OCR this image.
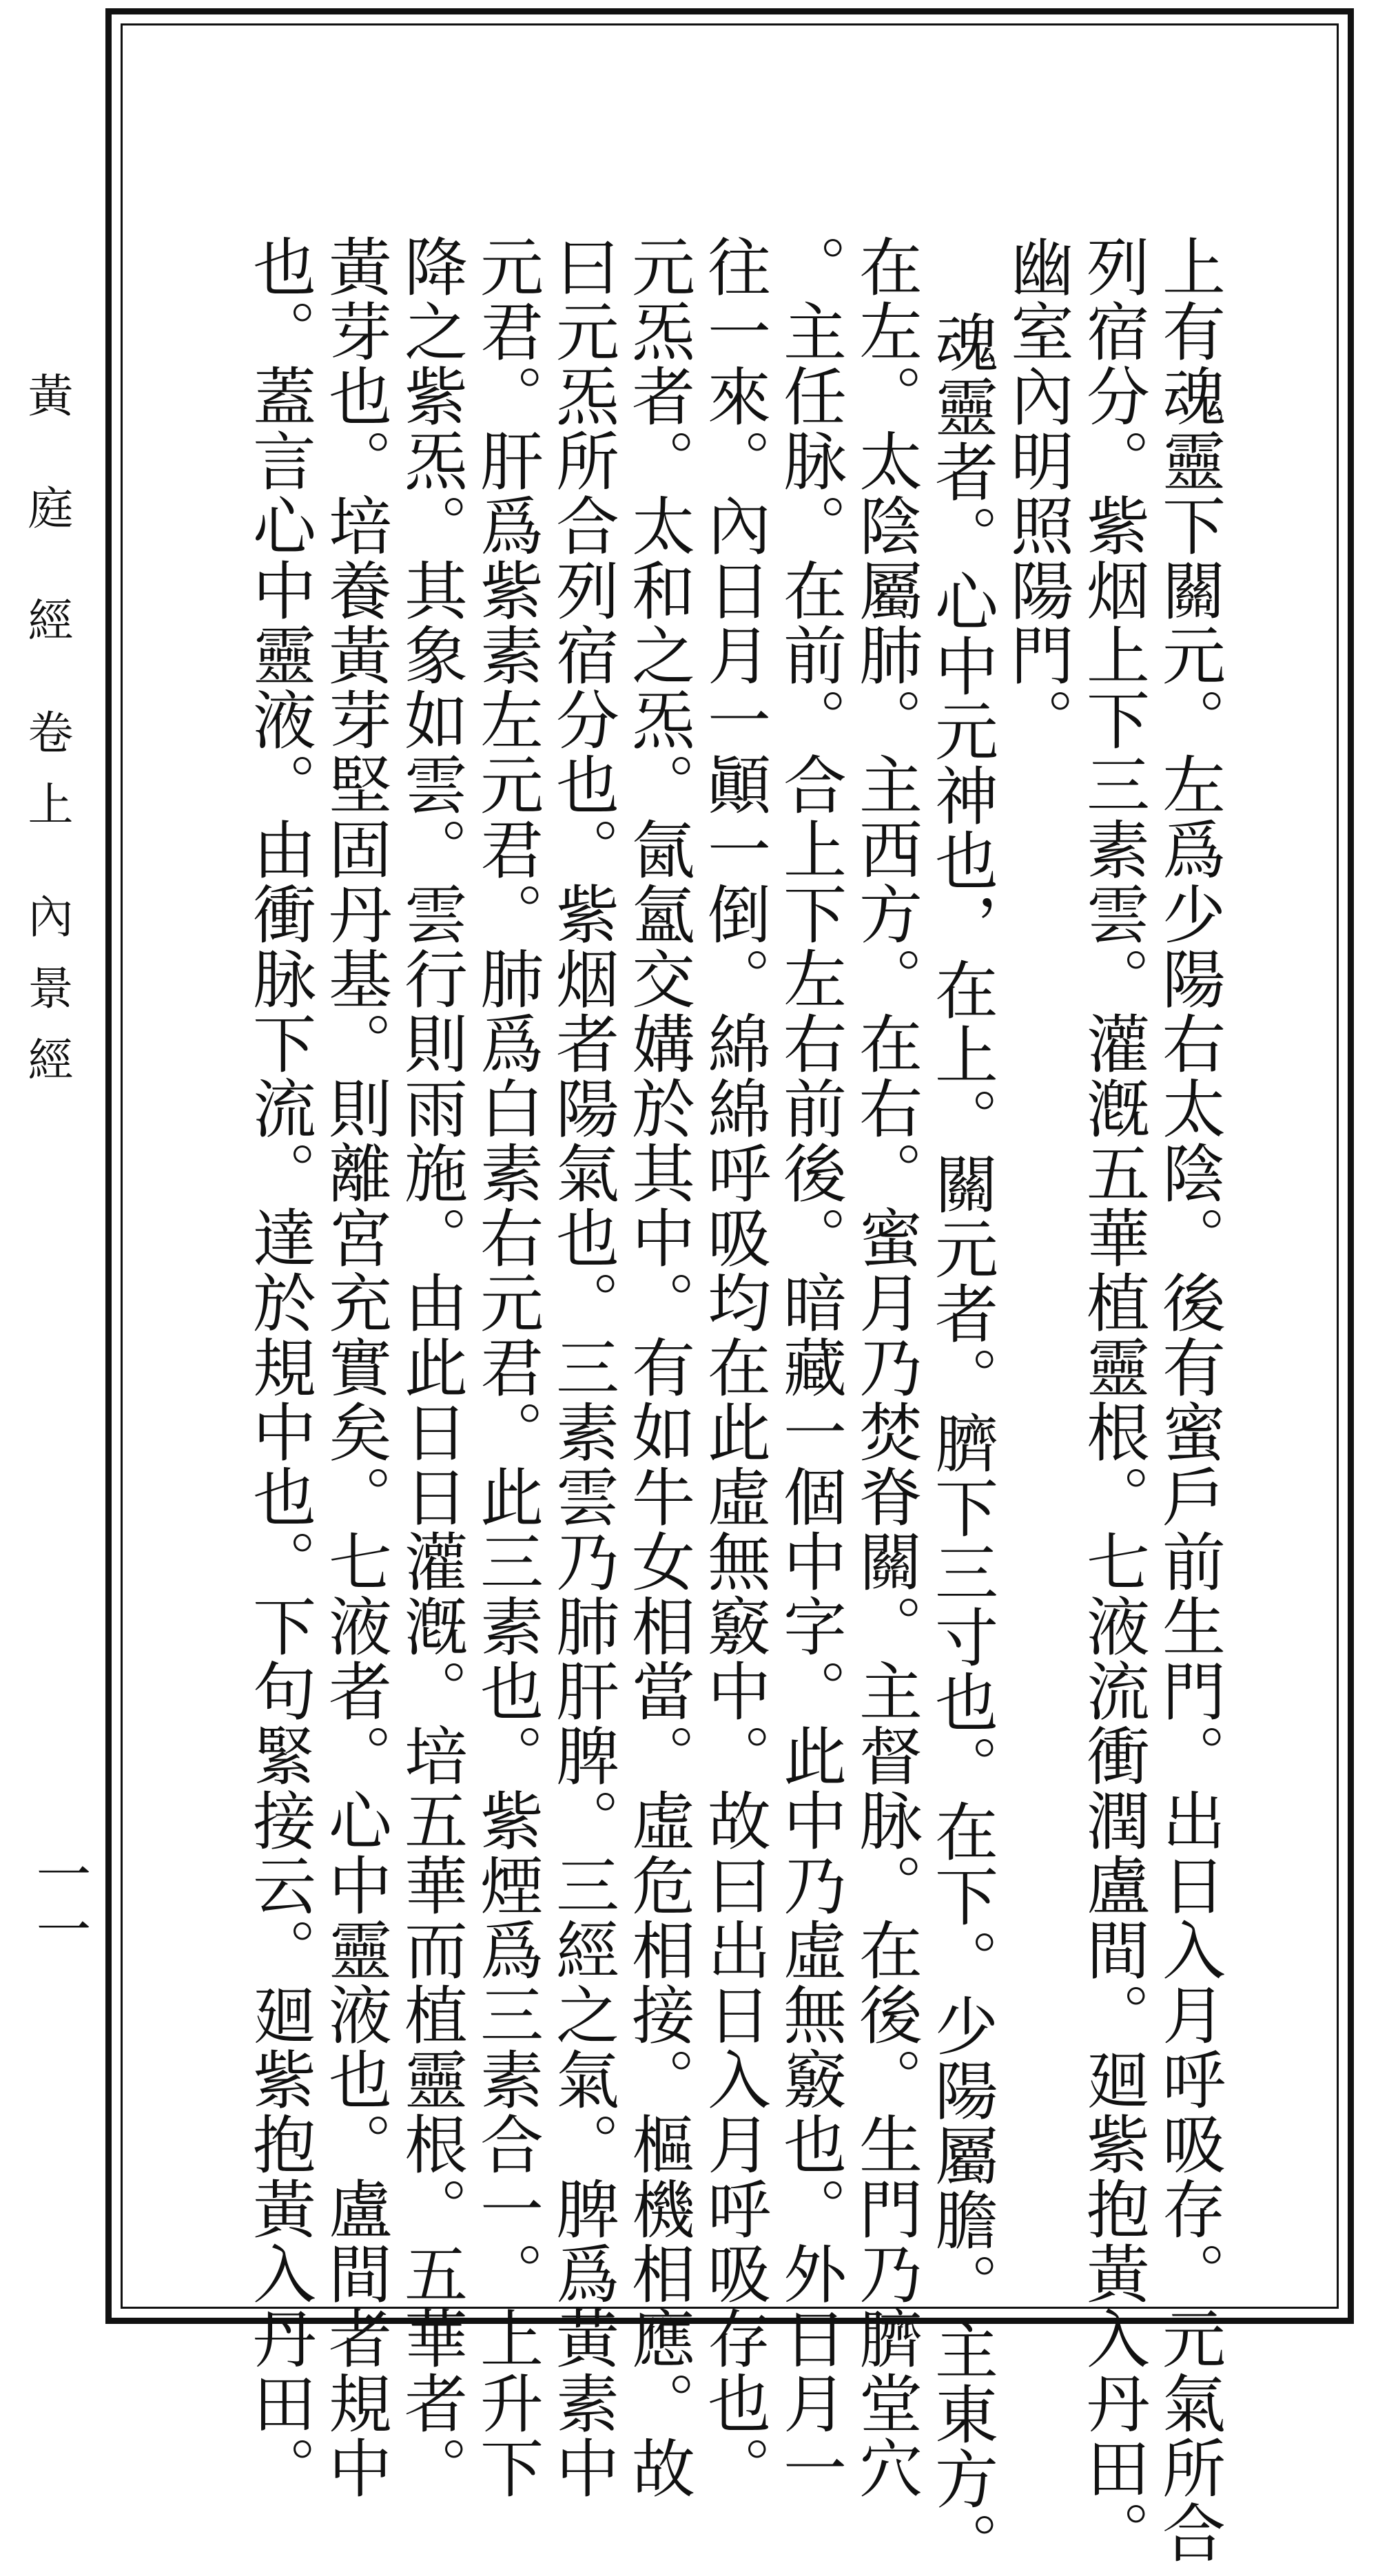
黃 庭 經 卷上 內景經
一一	上有魂靈下關元。左爲少陽右太陰。後有蜜戶前生門。出日入月呼吸存。元氣所合

列宿分。紫烟上下三素雲。灌漑五華植靈根。七液流衝潤盧間。廻紫抱黃入丹田。

幽室內明照陽門。

魂靈者。心中元神也，在上。關元者。臍下三寸也。在下。少陽屬膽。主東方。

在左。太陰屬肺。主西方。在右。蜜月乃焚脊關。主督脉。在後。生門乃臍堂穴

。主任脉。在前。合上下左右前後。暗藏一個中字。此中乃虛無竅也。外日月一

往一來。內日月一顚一倒。綿綿呼吸均在此虛無竅中。故曰出日入月呼吸存也。

元炁者。太和之炁。氤氳交媾於其中。有如牛女相當。虛危相接。樞機相應。故

曰元炁所合列宿分也。紫烟者陽氣也。三素雲乃肺肝脾。三經之氣。脾爲黃素中

元君。肝爲紫素左元君。肺爲白素右元君。此三素也。紫煙爲三素合一。上升下

降之紫炁。其象如雲。雲行則雨施。由此日日灌漑。培五華而植靈根。五華者。

黃芽也。培養黃芽堅固丹基。則離宮充實矣。七液者。心中靈液也。盧間者規中

也。蓋言心中靈液。由衝脉下流。達於規中也。下句緊接云。廻紫抱黃入丹田。
